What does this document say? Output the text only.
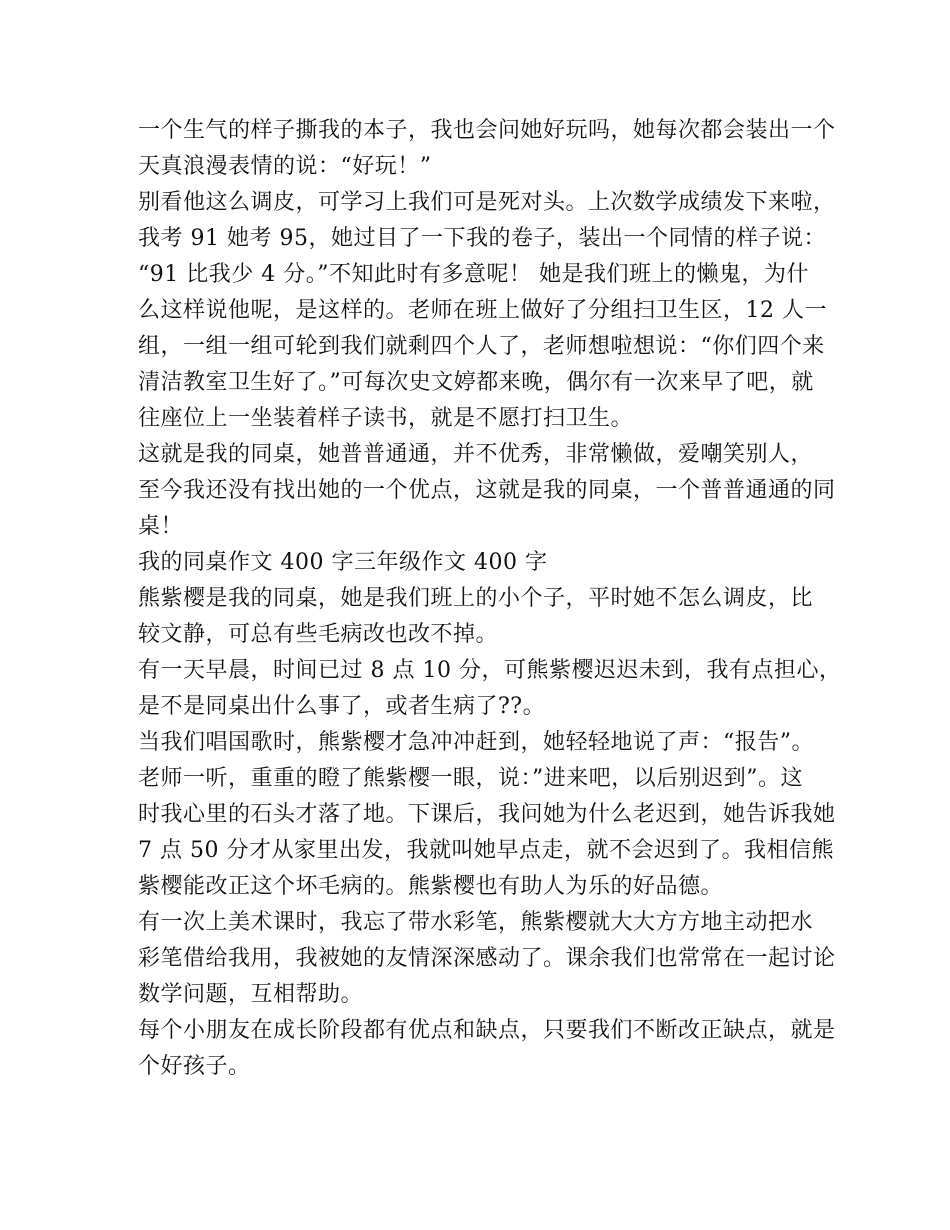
一个生气的样子撕我的本子，我也会问她好玩吗，她每次都会装出一个
天真浪漫表情的说：“好玩！”
别看他这么调皮，可学习上我们可是死对头。上次数学成绩发下来啦，
我考 91 她考 95，她过目了一下我的卷子，装出一个同情的样子说：
“91 比我少 4 分。”不知此时有多意呢！ 她是我们班上的懒鬼，为什
么这样说他呢，是这样的。老师在班上做好了分组扫卫生区，12 人一
组，一组一组可轮到我们就剩四个人了，老师想啦想说：“你们四个来
清洁教室卫生好了。”可每次史文婷都来晚，偶尔有一次来早了吧，就
往座位上一坐装着样子读书，就是不愿打扫卫生。
这就是我的同桌，她普普通通，并不优秀，非常懒做，爱嘲笑别人，
至今我还没有找出她的一个优点，这就是我的同桌，一个普普通通的同
桌！
我的同桌作文 400 字三年级作文 400 字
熊紫樱是我的同桌，她是我们班上的小个子，平时她不怎么调皮，比
较文静，可总有些毛病改也改不掉。
有一天早晨，时间已过 8 点 10 分，可熊紫樱迟迟未到，我有点担心，
是不是同桌出什么事了，或者生病了??。
当我们唱国歌时，熊紫樱才急冲冲赶到，她轻轻地说了声：“报告”。
老师一听，重重的瞪了熊紫樱一眼，说：”进来吧，以后别迟到”。这
时我心里的石头才落了地。下课后，我问她为什么老迟到，她告诉我她
7 点 50 分才从家里出发，我就叫她早点走，就不会迟到了。我相信熊
紫樱能改正这个坏毛病的。熊紫樱也有助人为乐的好品德。
有一次上美术课时，我忘了带水彩笔，熊紫樱就大大方方地主动把水
彩笔借给我用，我被她的友情深深感动了。课余我们也常常在一起讨论
数学问题，互相帮助。
每个小朋友在成长阶段都有优点和缺点，只要我们不断改正缺点，就是
个好孩子。
